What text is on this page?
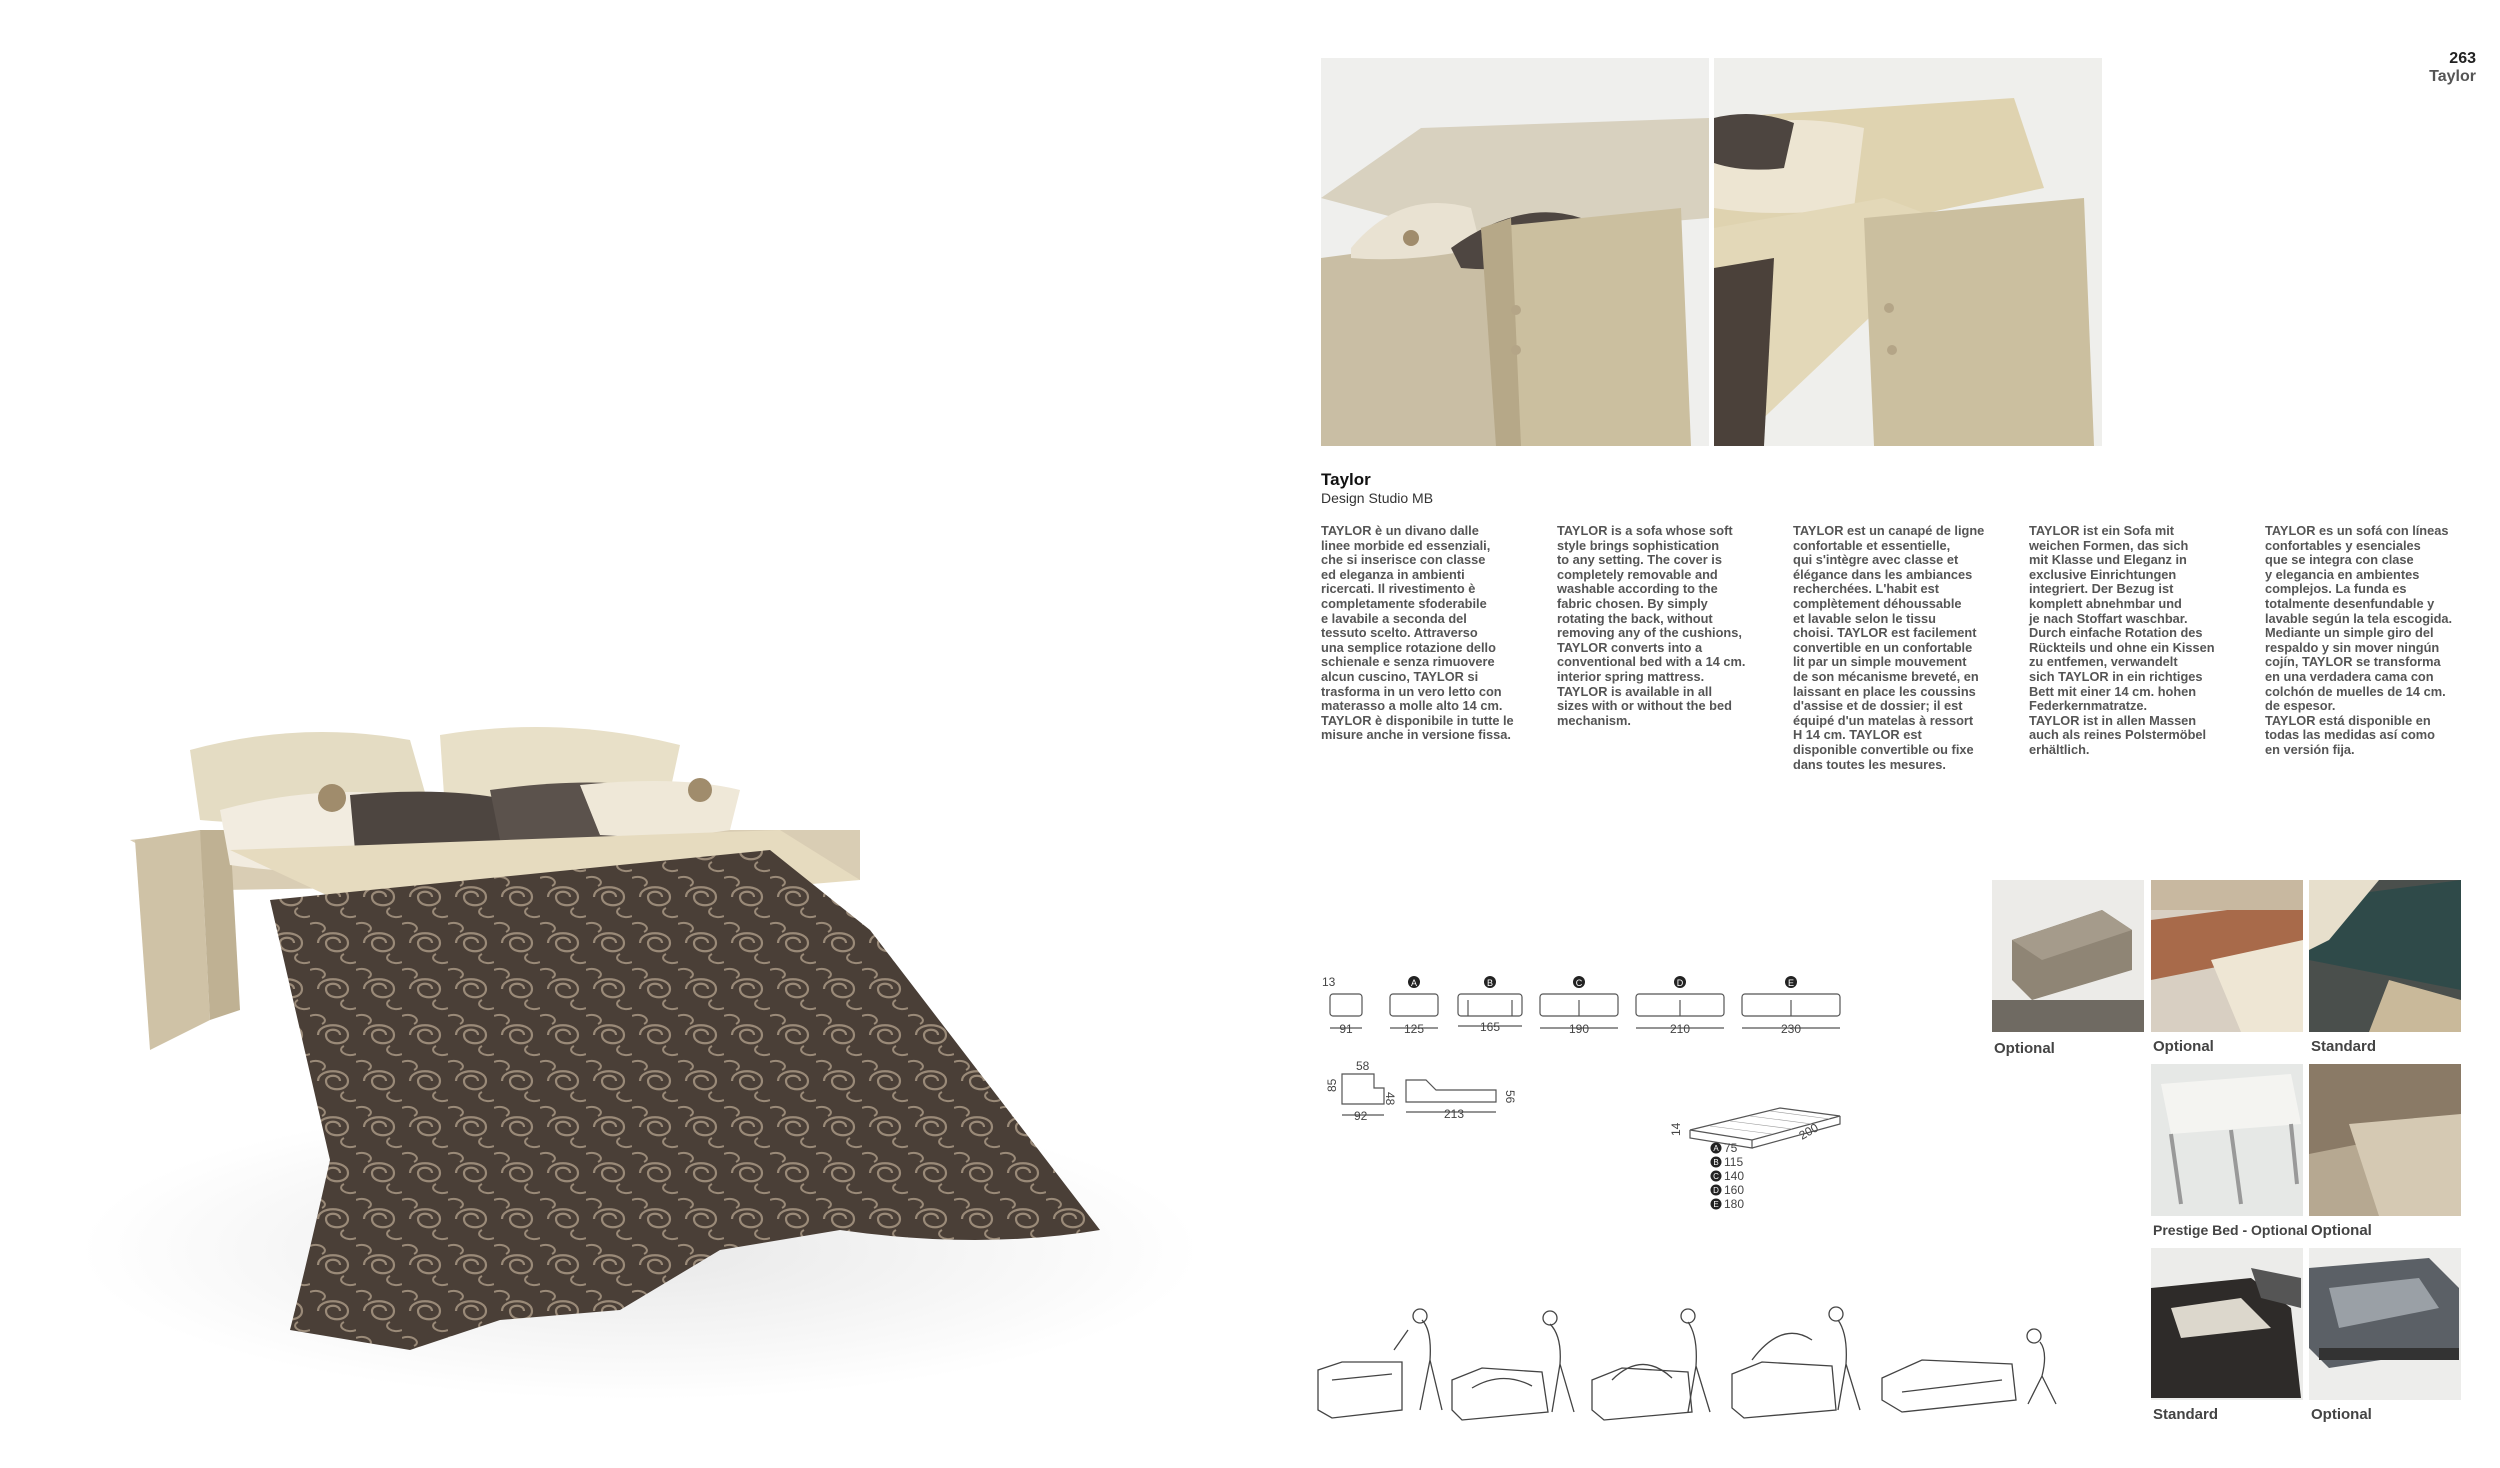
263
Taylor
Taylor
Design Studio MB
TAYLOR è un divano dalle
linee morbide ed essenziali,
che si inserisce con classe
ed eleganza in ambienti
ricercati. Il rivestimento è
completamente sfoderabile
e lavabile a seconda del
tessuto scelto. Attraverso
una semplice rotazione dello
schienale e senza rimuovere
alcun cuscino, TAYLOR si
trasforma in un vero letto con
materasso a molle alto 14 cm.
TAYLOR è disponibile in tutte le
misure anche in versione fissa.
TAYLOR is a sofa whose soft
style brings sophistication
to any setting. The cover is
completely removable and
washable according to the
fabric chosen. By simply
rotating the back, without
removing any of the cushions,
TAYLOR converts into a
conventional bed with a 14 cm.
interior spring mattress.
TAYLOR is available in all
sizes with or without the bed
mechanism.
TAYLOR est un canapé de ligne
confortable et essentielle,
qui s'intègre avec classe et
élégance dans les ambiances
recherchées. L'habit est
complètement déhoussable
et lavable selon le tissu
choisi. TAYLOR est facilement
convertible en un confortable
lit par un simple mouvement
de son mécanisme breveté, en
laissant en place les coussins
d'assise et de dossier; il est
équipé d'un matelas à ressort
H 14 cm. TAYLOR est
disponible convertible ou fixe
dans toutes les mesures.
TAYLOR ist ein Sofa mit
weichen Formen, das sich
mit Klasse und Eleganz in
exclusive Einrichtungen
integriert. Der Bezug ist
komplett abnehmbar und
je nach Stoffart waschbar.
Durch einfache Rotation des
Rückteils und ohne ein Kissen
zu entfemen, verwandelt
sich TAYLOR in ein richtiges
Bett mit einer 14 cm. hohen
Federkernmatratze.
TAYLOR ist in allen Massen
auch als reines Polstermöbel
erhältlich.
TAYLOR es un sofá con líneas
confortables y esenciales
que se integra con clase
y elegancia en ambientes
complejos. La funda es
totalmente desenfundable y
lavable según la tela escogida.
Mediante un simple giro del
respaldo y sin mover ningún
cojín, TAYLOR se transforma
en una verdadera cama con
colchón de muelles de 14 cm.
de espesor.
TAYLOR está disponible en
todas las medidas así como
en versión fija.
13	A	B	C	D	E
91	125	165	190	210	230
58
85
48
92	213
56
14	200
A 75
B 115
C 140
D 160
E 180
Optional	Optional	Standard
Prestige Bed - Optional Optional
Standard	Optional
